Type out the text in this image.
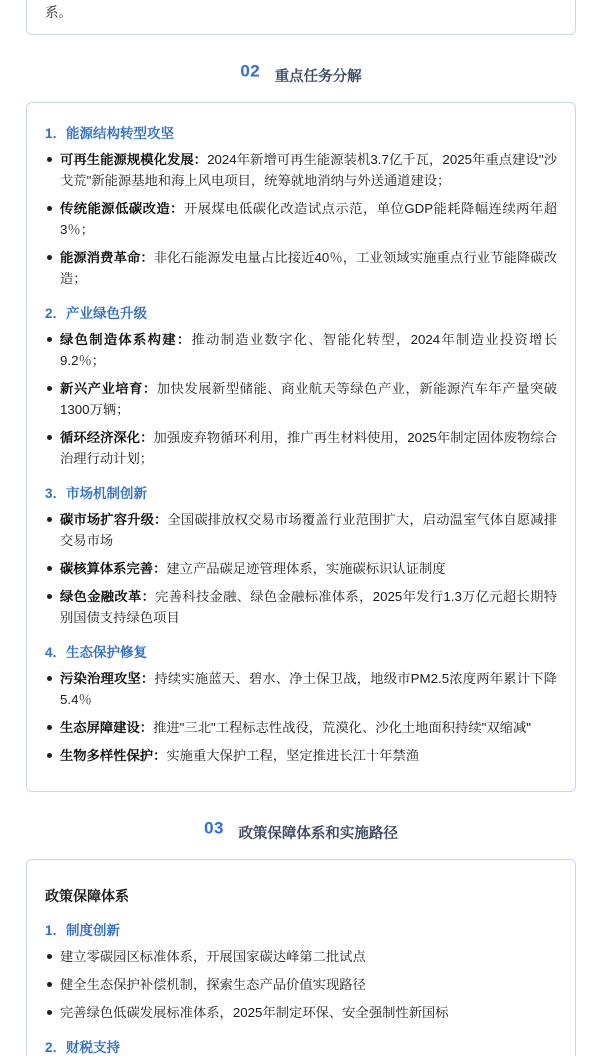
系。

02 重点任务分解
1．能源结构转型攻坚
可再生能源规模化发展：2024年新增可再生能源装机3.7亿千瓦，2025年重点建设"沙戈荒"新能源基地和海上风电项目，统筹就地消纳与外送通道建设；
传统能源低碳改造：开展煤电低碳化改造试点示范，单位GDP能耗降幅连续两年超3％；
能源消费革命：非化石能源发电量占比接近40％，工业领域实施重点行业节能降碳改造；
2．产业绿色升级
绿色制造体系构建：推动制造业数字化、智能化转型，2024年制造业投资增长9.2％；
新兴产业培育：加快发展新型储能、商业航天等绿色产业，新能源汽车年产量突破1300万辆；
循环经济深化：加强废弃物循环利用，推广再生材料使用，2025年制定固体废物综合治理行动计划；
3．市场机制创新
碳市场扩容升级：全国碳排放权交易市场覆盖行业范围扩大，启动温室气体自愿减排交易市场
碳核算体系完善：建立产品碳足迹管理体系，实施碳标识认证制度
绿色金融改革：完善科技金融、绿色金融标准体系，2025年发行1.3万亿元超长期特别国债支持绿色项目
4．生态保护修复
污染治理攻坚：持续实施蓝天、碧水、净土保卫战，地级市PM2.5浓度两年累计下降5.4％
生态屏障建设：推进"三北"工程标志性战役，荒漠化、沙化土地面积持续"双缩减"
生物多样性保护：实施重大保护工程，坚定推进长江十年禁渔
03 政策保障体系和实施路径
政策保障体系
1．制度创新
建立零碳园区标准体系，开展国家碳达峰第二批试点
健全生态保护补偿机制，探索生态产品价值实现路径
完善绿色低碳发展标准体系，2025年制定环保、安全强制性新国标
2．财税支持
